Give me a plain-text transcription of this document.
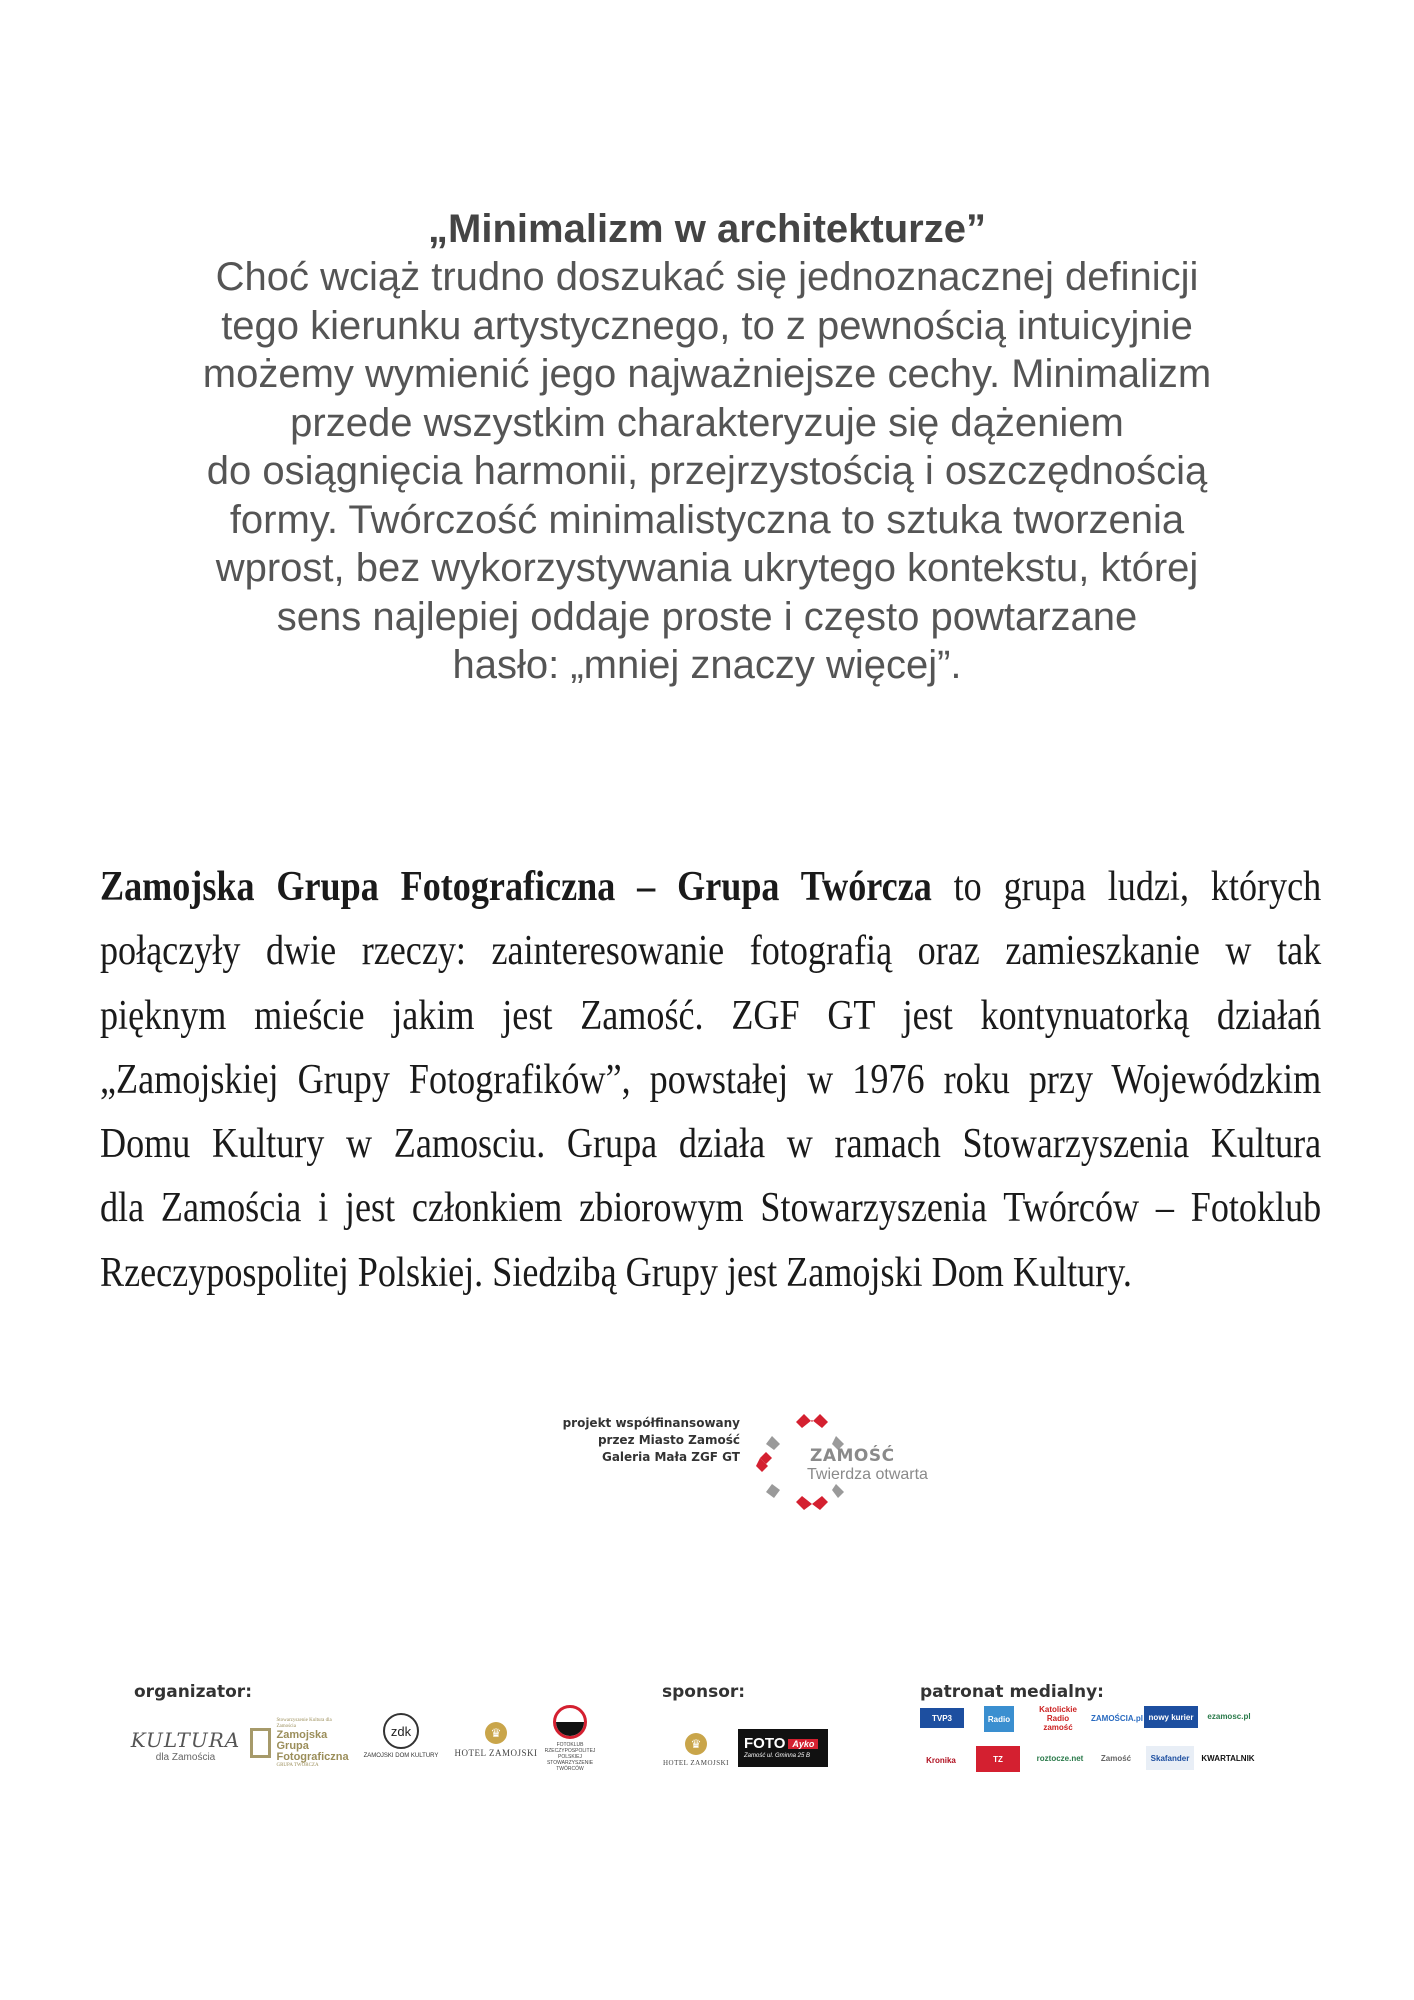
„Minimalizm w architekturze”
Choć wciąż trudno doszukać się jednoznacznej definicji
tego kierunku artystycznego, to z pewnością intuicyjnie
możemy wymienić jego najważniejsze cechy. Minimalizm
przede wszystkim charakteryzuje się dążeniem
do osiągnięcia harmonii, przejrzystością i oszczędnością
formy. Twórczość minimalistyczna to sztuka tworzenia
wprost, bez wykorzystywania ukrytego kontekstu, której
sens najlepiej oddaje proste i często powtarzane
hasło: „mniej znaczy więcej”.
Zamojska Grupa Fotograficzna – Grupa Twórcza to grupa ludzi, których
połączyły dwie rzeczy: zainteresowanie fotografią oraz zamieszkanie w tak
pięknym mieście jakim jest Zamość. ZGF GT jest kontynuatorką działań
„Zamojskiej Grupy Fotografików”, powstałej w 1976 roku przy Wojewódzkim
Domu Kultury w Zamosciu. Grupa działa w ramach Stowarzyszenia Kultura
dla Zamościa i jest członkiem zbiorowym Stowarzyszenia Twórców – Fotoklub
Rzeczypospolitej Polskiej. Siedzibą Grupy jest Zamojski Dom Kultury.
projekt współfinansowany
przez Miasto Zamość
Galeria Mała ZGF GT	ZAMOŚĆ
Twierdza otwarta
organizator:	sponsor:	patronat medialny:
KULTURA
dla Zamościa
Stowarzyszenie Kultura dla Zamościa
Zamojska
Grupa
Fotograficzna
GRUPA TWÓRCZA
zdk
ZAMOJSKI DOM KULTURY
♛
HOTEL ZAMOJSKI
FOTOKLUB RZECZYPOSPOLITEJ POLSKIEJ STOWARZYSZENIE TWÓRCÓW
♛
HOTEL ZAMOJSKI
FOTO Ayko
Zamość ul. Gminna 25 B
TVP3	Radio
Katolickie Radio zamość
ZAMOŚCIA.pl nowy kurier	ezamosc.pl
Kronika	TZ	roztocze.net	Zamość	Skafander	KWARTALNIK
